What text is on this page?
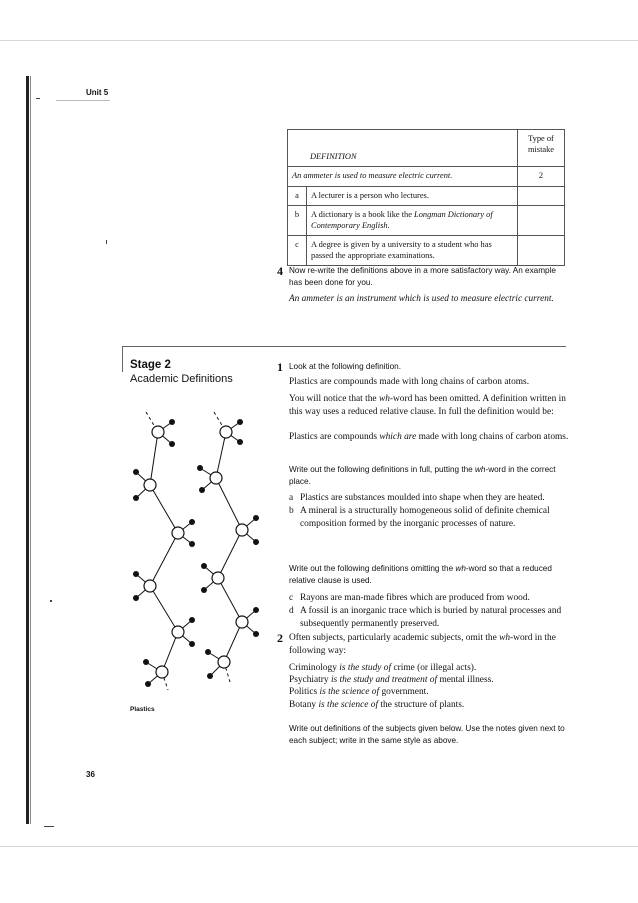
Unit 5
DEFINITION		Type of mistake
An ammeter is used to measure electric current.		2
a	A lecturer is a person who lectures.	
b	A dictionary is a book like the Longman Dictionary of Contemporary English.	
c	A degree is given by a university to a student who has passed the appropriate examinations.	
4 Now re-write the definitions above in a more satisfactory way. An example has been done for you.
An ammeter is an instrument which is used to measure electric current.
Stage 2
Academic Definitions
Plastics
1 Look at the following definition.
Plastics are compounds made with long chains of carbon atoms.
You will notice that the wh-word has been omitted. A definition written in this way uses a reduced relative clause. In full the definition would be:
Plastics are compounds which are made with long chains of carbon atoms.
Write out the following definitions in full, putting the wh-word in the correct place.
a Plastics are substances moulded into shape when they are heated.
b A mineral is a structurally homogeneous solid of definite chemical composition formed by the inorganic processes of nature.
Write out the following definitions omitting the wh-word so that a reduced relative clause is used.
c Rayons are man-made fibres which are produced from wood.
d A fossil is an inorganic trace which is buried by natural processes and subsequently permanently preserved.
2 Often subjects, particularly academic subjects, omit the wh-word in the following way:
Criminology is the study of crime (or illegal acts).
Psychiatry is the study and treatment of mental illness.
Politics is the science of government.
Botany is the science of the structure of plants.
Write out definitions of the subjects given below. Use the notes given next to each subject; write in the same style as above.
36
